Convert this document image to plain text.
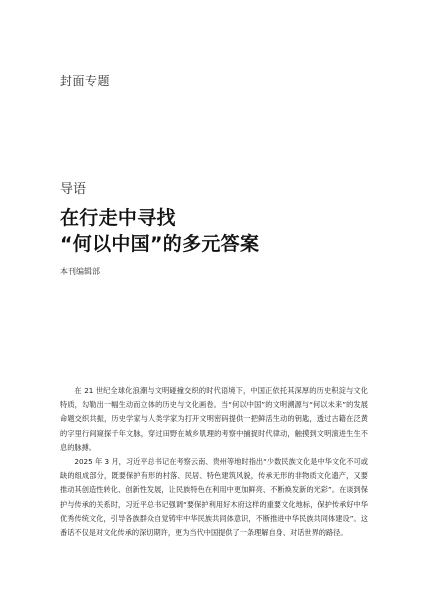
封面专题
导语
在行走中寻找
“何以中国”的多元答案
本刊编辑部

在 21 世纪全球化浪潮与文明碰撞交织的时代语境下，中国正依托其深厚的历史积淀与文化特质，勾勒出一幅生动而立体的历史与文化画卷。当“何以中国”的文明溯源与“何以未来”的发展命题交织共振，历史学家与人类学家为打开文明密码提供一把鲜活生动的钥匙，透过古籍在泛黄的字里行间窥探千年文脉，穿过田野在城乡肌理的考察中捕捉时代律动，触摸到文明演进生生不息的脉搏。

2025 年 3 月，习近平总书记在考察云南、贵州等地时指出“少数民族文化是中华文化不可或缺的组成部分，既要保护有形的村落、民居、特色建筑风貌，传承无形的非物质文化遗产，又要推动其创造性转化、创新性发展，让民族特色在利用中更加鲜亮、不断焕发新的光彩”。在谈到保护与传承的关系时，习近平总书记强调“要保护利用好木府这样的重要文化地标，保护传承好中华优秀传统文化，引导各族群众自觉铸牢中华民族共同体意识，不断推进中华民族共同体建设”。这番话不仅是对文化传承的深切期许，更为当代中国提供了一条理解自身、对话世界的路径。
